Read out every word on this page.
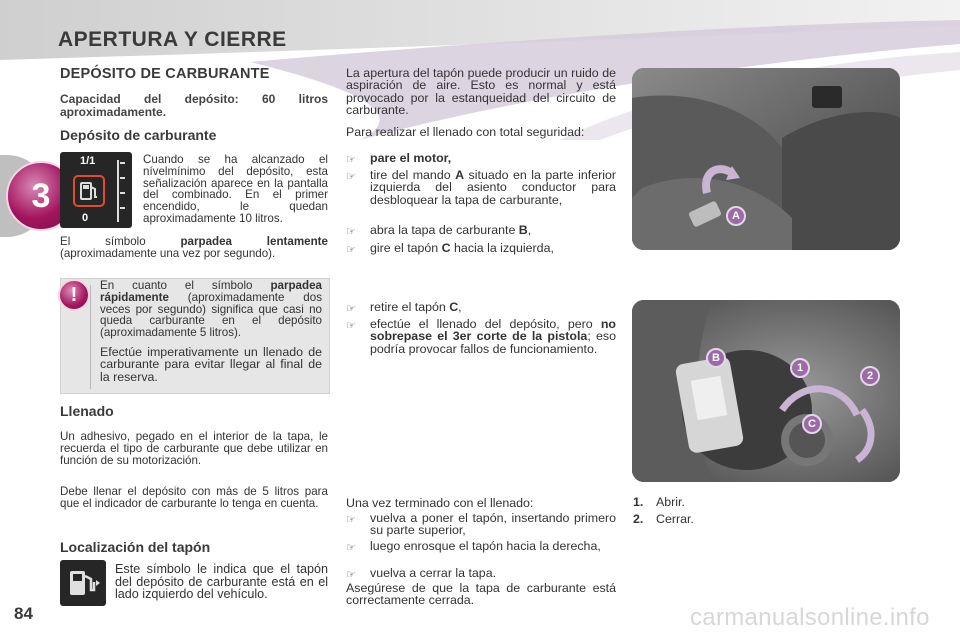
APERTURA Y CIERRE
3
DEPÓSITO DE CARBURANTE
Capacidad del depósito: 60 litros aproximadamente.
Depósito de carburante
1/1
0
Cuando se ha alcanzado el nívelmínimo del depósito, esta señalización aparece en la pantalla del combinado. En el primer encendido, le quedan aproximadamente 10 litros.
El símbolo parpadea lentamente (aproximadamente una vez por segundo).
!	En cuanto el símbolo parpadea rápidamente (aproximadamente dos veces por segundo) significa que casi no queda carburante en el depósito (aproximadamente 5 litros).
Efectúe imperativamente un llenado de carburante para evitar llegar al final de la reserva.
Llenado
Un adhesivo, pegado en el interior de la tapa, le recuerda el tipo de carburante que debe utilizar en función de su motorización.
Debe llenar el depósito con más de 5 litros para que el indicador de carburante lo tenga en cuenta.
Localización del tapón
Este símbolo le indica que el tapón del depósito de carburante está en el lado izquierdo del vehículo.
La apertura del tapón puede producir un ruido de aspiración de aire. Esto es normal y está provocado por la estanqueidad del circuito de carburante.
Para realizar el llenado con total seguridad:
☞ pare el motor,
☞ tire del mando A situado en la parte inferior izquierda del asiento conductor para desbloquear la tapa de carburante,
☞ abra la tapa de carburante B,
☞ gire el tapón C hacia la izquierda,
☞ retire el tapón C,
☞ efectúe el llenado del depósito, pero no sobrepase el 3er corte de la pistola; eso podría provocar fallos de funcionamiento.
Una vez terminado con el llenado:
☞ vuelva a poner el tapón, insertando primero su parte superior,
☞ luego enrosque el tapón hacia la derecha,
☞ vuelva a cerrar la tapa.
Asegúrese de que la tapa de carburante está correctamente cerrada.
A
B
1
2
C
1.	Abrir.
2.	Cerrar.
84	carmanualsonline.info
